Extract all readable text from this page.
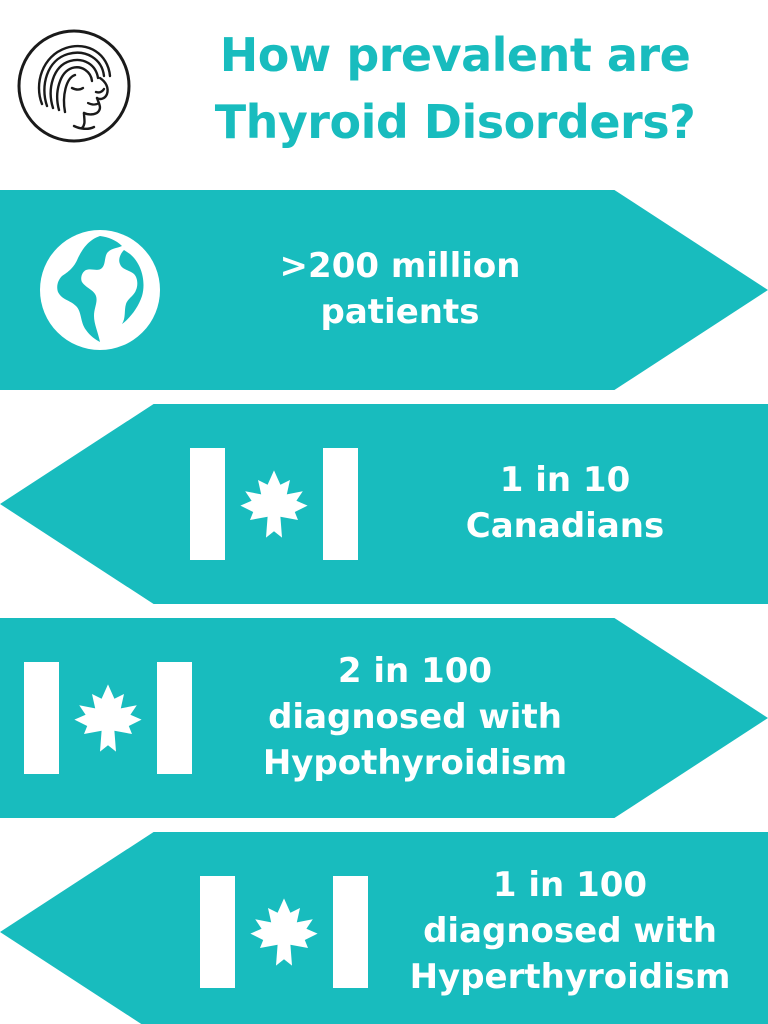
How prevalent are
Thyroid Disorders?
>200 million
patients
1 in 10
Canadians
2 in 100
diagnosed with
Hypothyroidism
1 in 100
diagnosed with
Hyperthyroidism
